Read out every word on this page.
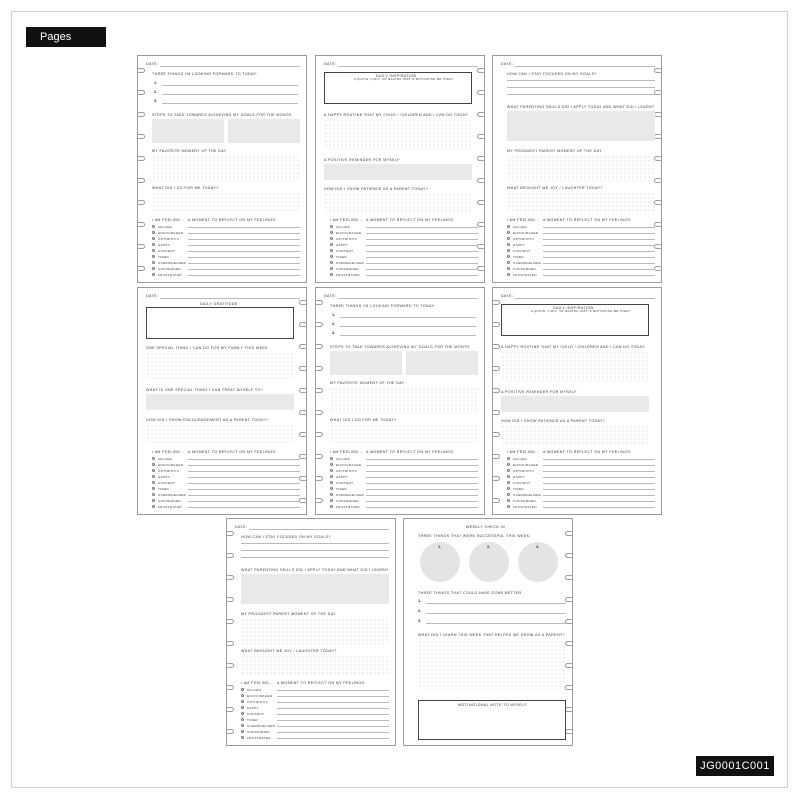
Pages
JG0001C001
DATE:
THREE THINGS I'M LOOKING FORWARD TO TODAY:
1.
2.
3.
STEPS TO TAKE TOWARDS ACHIEVING MY GOALS FOR THE MONTH
MY FAVORITE MOMENT OF THE DAY
WHAT DID I DO FOR ME TODAY?
I AM FEELING... A MOMENT TO REFLECT ON MY FEELINGS:
VALUED
ENCOURAGED
OPTIMISTIC
HAPPY
CONTENT
TIRED
OVERWHELMED
CONCERNED
FRUSTRATED
DATE:
DAILY INSPIRATION
A QUOTE, LYRIC, OR MANTRA THAT IS MOTIVATING ME TODAY
A HAPPY ROUTINE THAT MY CHILD / CHILDREN AND I CAN DO TODAY
A POSITIVE REMINDER FOR MYSELF
HOW DID I SHOW PATIENCE AS A PARENT TODAY?
I AM FEELING... A MOMENT TO REFLECT ON MY FEELINGS:
VALUED
ENCOURAGED
OPTIMISTIC
HAPPY
CONTENT
TIRED
OVERWHELMED
CONCERNED
FRUSTRATED
DATE:
HOW CAN I STAY FOCUSED ON MY GOALS?
WHAT PARENTING SKILLS DID I APPLY TODAY AND WHAT DID I LEARN?
MY PROUDEST PARENT MOMENT OF THE DAY
WHAT BROUGHT ME JOY / LAUGHTER TODAY?
I AM FEELING... A MOMENT TO REFLECT ON MY FEELINGS:
VALUED
ENCOURAGED
OPTIMISTIC
HAPPY
CONTENT
TIRED
OVERWHELMED
CONCERNED
FRUSTRATED
DATE:
DAILY GRATITUDE
ONE SPECIAL THING I CAN DO FOR MY FAMILY THIS WEEK
WHAT IS ONE SPECIAL THING I CAN TREAT MYSELF TO?
HOW DID I SHOW ENCOURAGEMENT AS A PARENT TODAY?
I AM FEELING... A MOMENT TO REFLECT ON MY FEELINGS:
VALUED
ENCOURAGED
OPTIMISTIC
HAPPY
CONTENT
TIRED
OVERWHELMED
CONCERNED
FRUSTRATED
DATE:
THREE THINGS I'M LOOKING FORWARD TO TODAY:
1.
2.
3.
STEPS TO TAKE TOWARDS ACHIEVING MY GOALS FOR THE MONTH
MY FAVORITE MOMENT OF THE DAY
WHAT DID I DO FOR ME TODAY?
I AM FEELING... A MOMENT TO REFLECT ON MY FEELINGS:
VALUED
ENCOURAGED
OPTIMISTIC
HAPPY
CONTENT
TIRED
OVERWHELMED
CONCERNED
FRUSTRATED
DATE:
DAILY INSPIRATION
A QUOTE, LYRIC, OR MANTRA THAT IS MOTIVATING ME TODAY
A HAPPY ROUTINE THAT MY CHILD / CHILDREN AND I CAN DO TODAY
A POSITIVE REMINDER FOR MYSELF
HOW DID I SHOW PATIENCE AS A PARENT TODAY?
I AM FEELING... A MOMENT TO REFLECT ON MY FEELINGS:
VALUED
ENCOURAGED
OPTIMISTIC
HAPPY
CONTENT
TIRED
OVERWHELMED
CONCERNED
FRUSTRATED
DATE:
HOW CAN I STAY FOCUSED ON MY GOALS?
WHAT PARENTING SKILLS DID I APPLY TODAY AND WHAT DID I LEARN?
MY PROUDEST PARENT MOMENT OF THE DAY
WHAT BROUGHT ME JOY / LAUGHTER TODAY?
I AM FEELING... A MOMENT TO REFLECT ON MY FEELINGS:
VALUED
ENCOURAGED
OPTIMISTIC
HAPPY
CONTENT
TIRED
OVERWHELMED
CONCERNED
FRUSTRATED
WEEKLY CHECK-IN
THREE THINGS THAT WERE SUCCESSFUL THIS WEEK:
1.	2.	3.
THREE THINGS THAT COULD HAVE GONE BETTER
1.
2.
3.
WHAT DID I LEARN THIS WEEK THAT HELPED ME GROW AS A PARENT?
MOTIVATIONAL NOTE TO MYSELF
